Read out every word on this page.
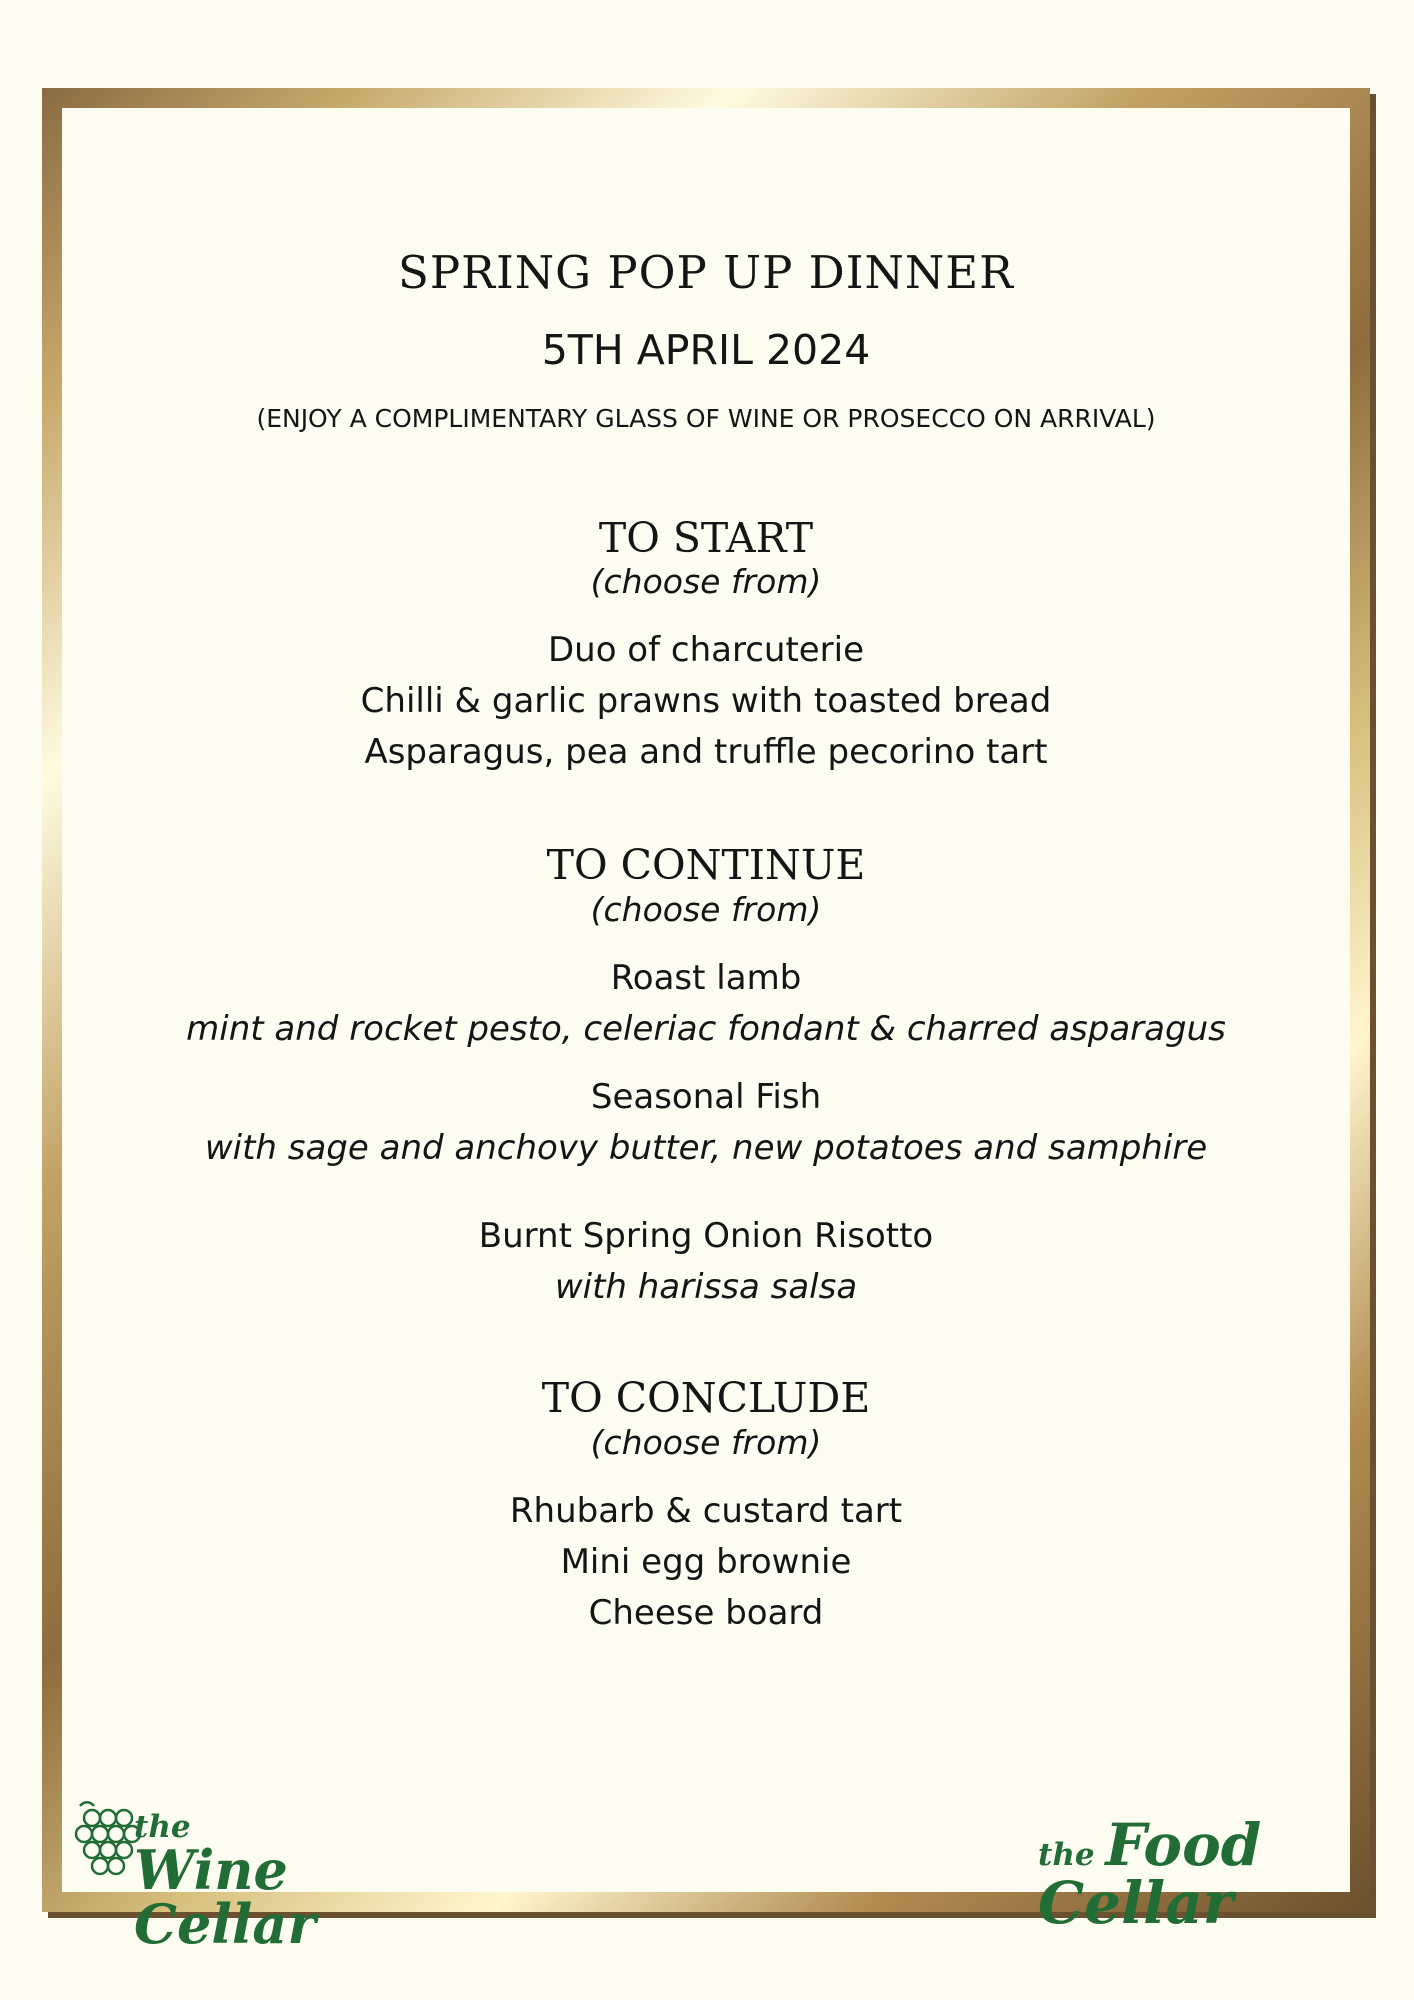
SPRING POP UP DINNER
5TH APRIL 2024
(ENJOY A COMPLIMENTARY GLASS OF WINE OR PROSECCO ON ARRIVAL)
TO START
(choose from)
Duo of charcuterie
Chilli & garlic prawns with toasted bread
Asparagus, pea and truffle pecorino tart
TO CONTINUE
(choose from)
Roast lamb
mint and rocket pesto, celeriac fondant & charred asparagus
Seasonal Fish
with sage and anchovy butter, new potatoes and samphire
Burnt Spring Onion Risotto
with harissa salsa
TO CONCLUDE
(choose from)
Rhubarb & custard tart
Mini egg brownie
Cheese board
the Wine Cellar
the Food Cellar
